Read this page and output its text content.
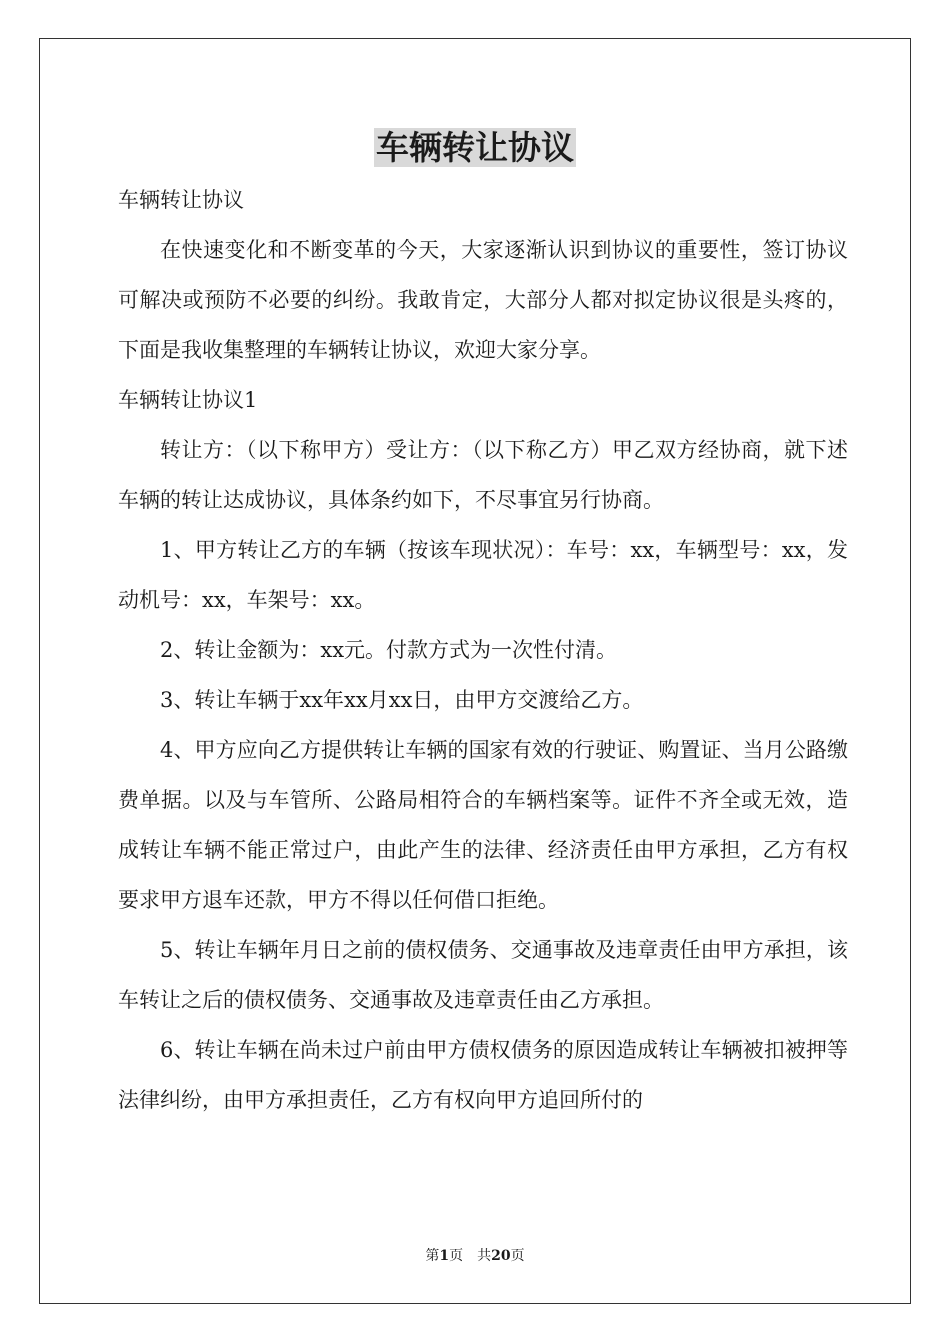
车辆转让协议

车辆转让协议

在快速变化和不断变革的今天，大家逐渐认识到协议的重要性，签订协议可解决或预防不必要的纠纷。我敢肯定，大部分人都对拟定协议很是头疼的，下面是我收集整理的车辆转让协议，欢迎大家分享。

车辆转让协议1

转让方：（以下称甲方）受让方：（以下称乙方）甲乙双方经协商，就下述车辆的转让达成协议，具体条约如下，不尽事宜另行协商。

1、甲方转让乙方的车辆（按该车现状况）：车号：xx，车辆型号：xx，发动机号：xx，车架号：xx。

2、转让金额为：xx元。付款方式为一次性付清。

3、转让车辆于xx年xx月xx日，由甲方交渡给乙方。

4、甲方应向乙方提供转让车辆的国家有效的行驶证、购置证、当月公路缴费单据。以及与车管所、公路局相符合的车辆档案等。证件不齐全或无效，造成转让车辆不能正常过户，由此产生的法律、经济责任由甲方承担，乙方有权要求甲方退车还款，甲方不得以任何借口拒绝。

5、转让车辆年月日之前的债权债务、交通事故及违章责任由甲方承担，该车转让之后的债权债务、交通事故及违章责任由乙方承担。

6、转让车辆在尚未过户前由甲方债权债务的原因造成转让车辆被扣被押等法律纠纷，由甲方承担责任，乙方有权向甲方追回所付的

第1页　共20页
